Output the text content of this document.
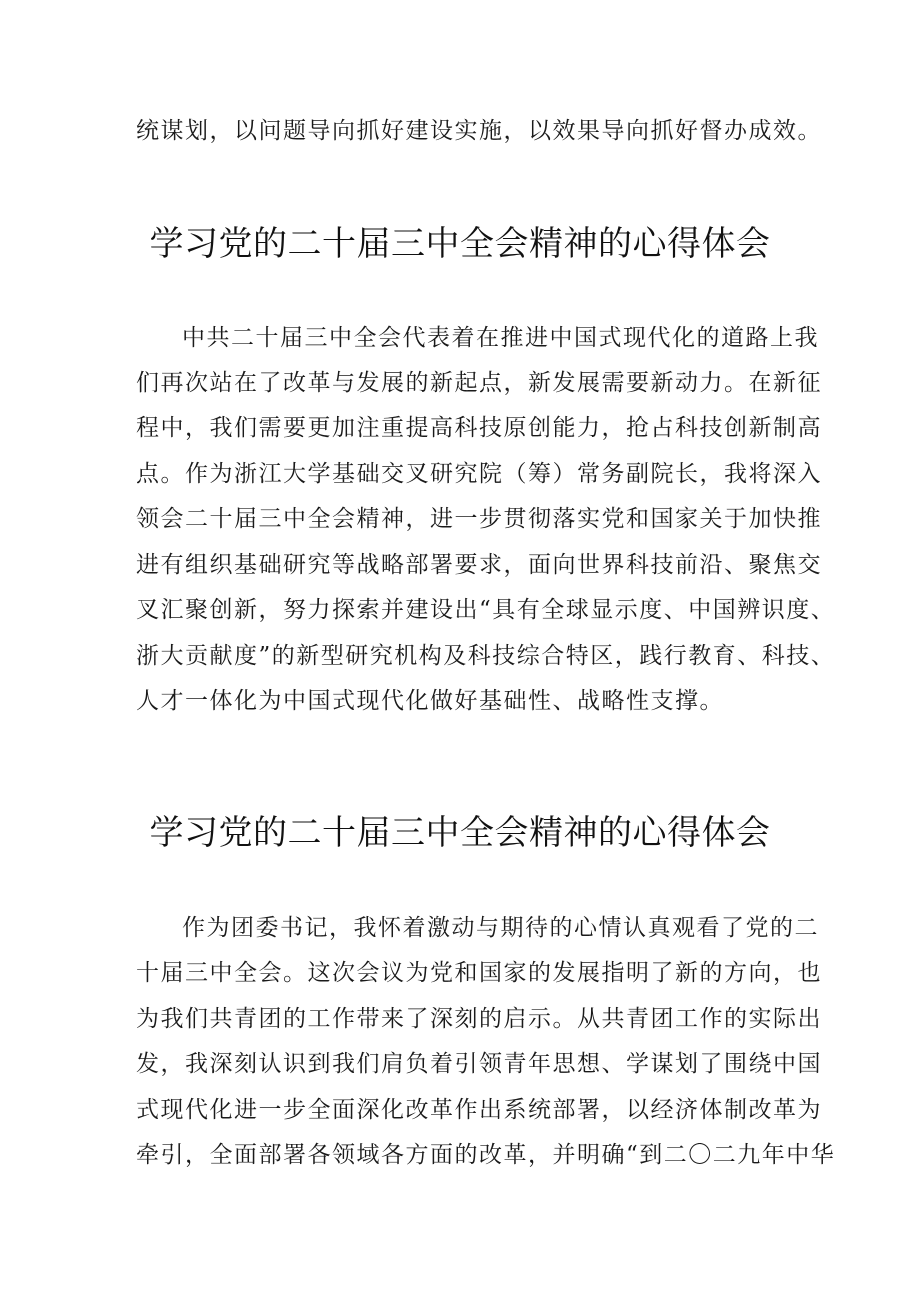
统谋划，以问题导向抓好建设实施，以效果导向抓好督办成效。
学习党的二十届三中全会精神的心得体会
中共二十届三中全会代表着在推进中国式现代化的道路上我
们再次站在了改革与发展的新起点，新发展需要新动力。在新征
程中，我们需要更加注重提高科技原创能力，抢占科技创新制高
点。作为浙江大学基础交叉研究院（筹）常务副院长，我将深入
领会二十届三中全会精神，进一步贯彻落实党和国家关于加快推
进有组织基础研究等战略部署要求，面向世界科技前沿、聚焦交
叉汇聚创新，努力探索并建设出“具有全球显示度、中国辨识度、
浙大贡献度”的新型研究机构及科技综合特区，践行教育、科技、
人才一体化为中国式现代化做好基础性、战略性支撑。
学习党的二十届三中全会精神的心得体会
作为团委书记，我怀着激动与期待的心情认真观看了党的二
十届三中全会。这次会议为党和国家的发展指明了新的方向，也
为我们共青团的工作带来了深刻的启示。从共青团工作的实际出
发，我深刻认识到我们肩负着引领青年思想、学谋划了围绕中国
式现代化进一步全面深化改革作出系统部署，以经济体制改革为
牵引，全面部署各领域各方面的改革，并明确“到二〇二九年中华
